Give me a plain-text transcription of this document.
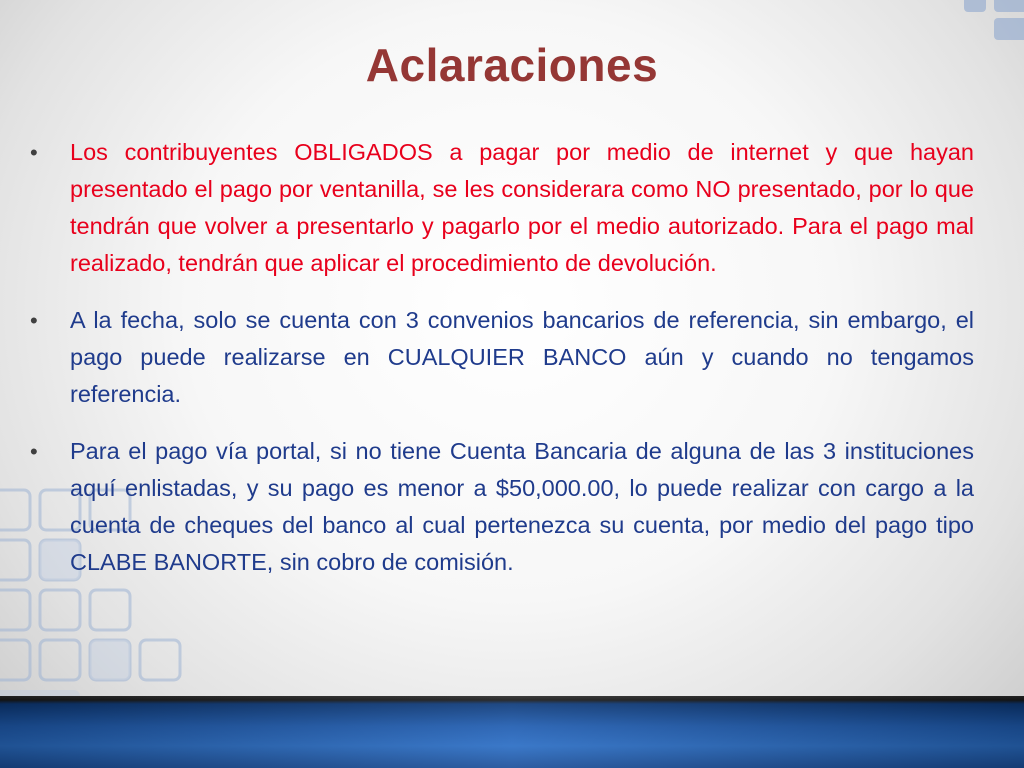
Aclaraciones
•	Los contribuyentes OBLIGADOS a pagar por medio de internet y que hayan presentado el pago por ventanilla, se les considerara como NO presentado, por lo que tendrán que volver a presentarlo y pagarlo por el medio autorizado. Para el pago mal realizado, tendrán que aplicar el procedimiento de devolución.
•	A la fecha, solo se cuenta con 3 convenios bancarios de referencia, sin embargo, el pago puede realizarse en CUALQUIER BANCO aún y cuando no tengamos referencia.
•	Para el pago vía portal, si no tiene Cuenta Bancaria de alguna de las 3 instituciones aquí enlistadas, y su pago es menor a $50,000.00, lo puede realizar con cargo a la cuenta de cheques del banco al cual pertenezca su cuenta, por medio del pago tipo CLABE BANORTE, sin cobro de comisión.
